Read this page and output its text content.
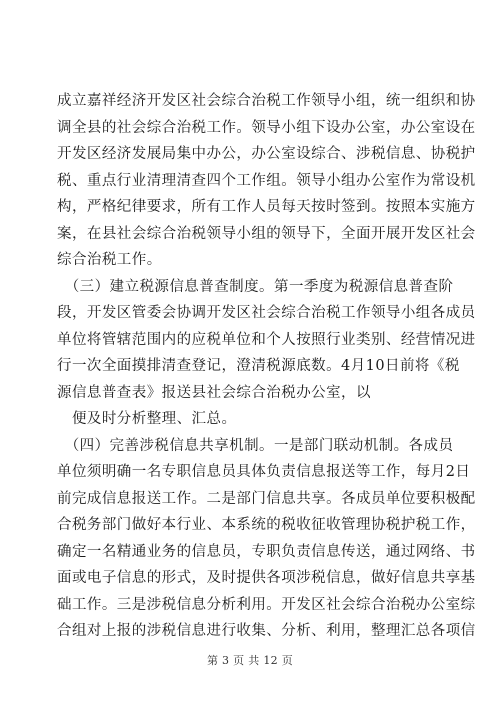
成立嘉祥经济开发区社会综合治税工作领导小组，统一组织和协
调全县的社会综合治税工作。领导小组下设办公室，办公室设在
开发区经济发展局集中办公，办公室设综合、涉税信息、协税护
税、重点行业清理清查四个工作组。领导小组办公室作为常设机
构，严格纪律要求，所有工作人员每天按时签到。按照本实施方
案，在县社会综合治税领导小组的领导下，全面开展开发区社会
综合治税工作。
　（三）建立税源信息普查制度。第一季度为税源信息普查阶
段，开发区管委会协调开发区社会综合治税工作领导小组各成员
单位将管辖范围内的应税单位和个人按照行业类别、经营情况进
行一次全面摸排清查登记，澄清税源底数。4月10日前将《税
源信息普查表》报送县社会综合治税办公室，以
　便及时分析整理、汇总。
　（四）完善涉税信息共享机制。一是部门联动机制。各成员
单位须明确一名专职信息员具体负责信息报送等工作，每月2日
前完成信息报送工作。二是部门信息共享。各成员单位要积极配
合税务部门做好本行业、本系统的税收征收管理协税护税工作，
确定一名精通业务的信息员，专职负责信息传送，通过网络、书
面或电子信息的形式，及时提供各项涉税信息，做好信息共享基
础工作。三是涉税信息分析利用。开发区社会综合治税办公室综
合组对上报的涉税信息进行收集、分析、利用，整理汇总各项信
第 3 页 共 12 页
